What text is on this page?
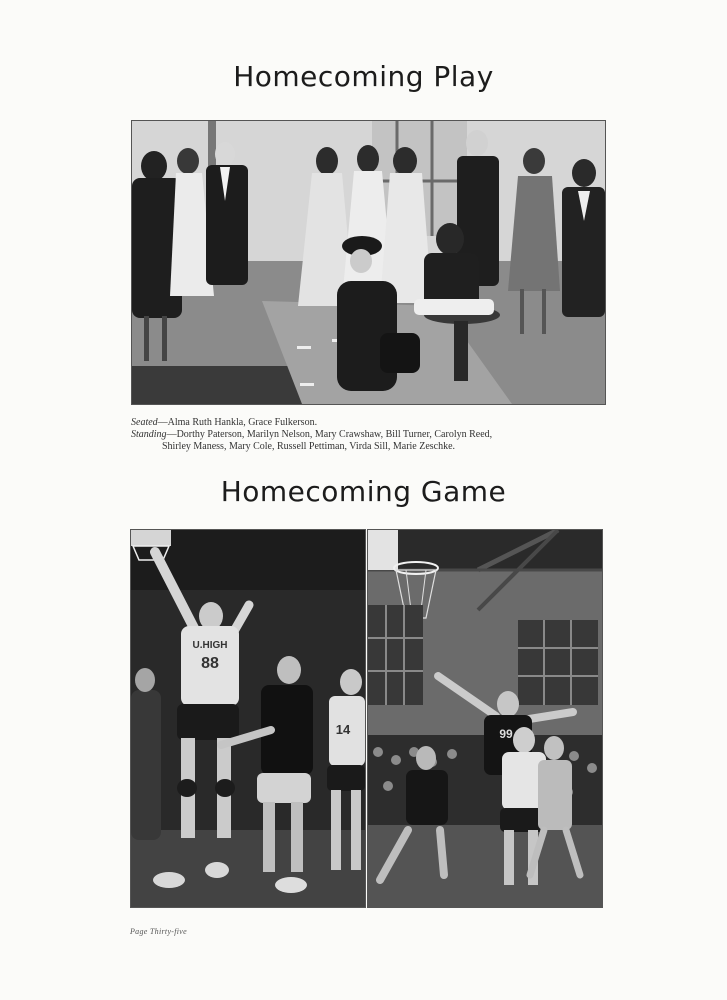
Homecoming Play
Seated—Alma Ruth Hankla, Grace Fulkerson.
Standing—Dorthy Paterson, Marilyn Nelson, Mary Crawshaw, Bill Turner, Carolyn Reed,
Shirley Maness, Mary Cole, Russell Pettiman, Virda Sill, Marie Zeschke.
Homecoming Game
U.HIGH
88
14	99
Page Thirty-five
